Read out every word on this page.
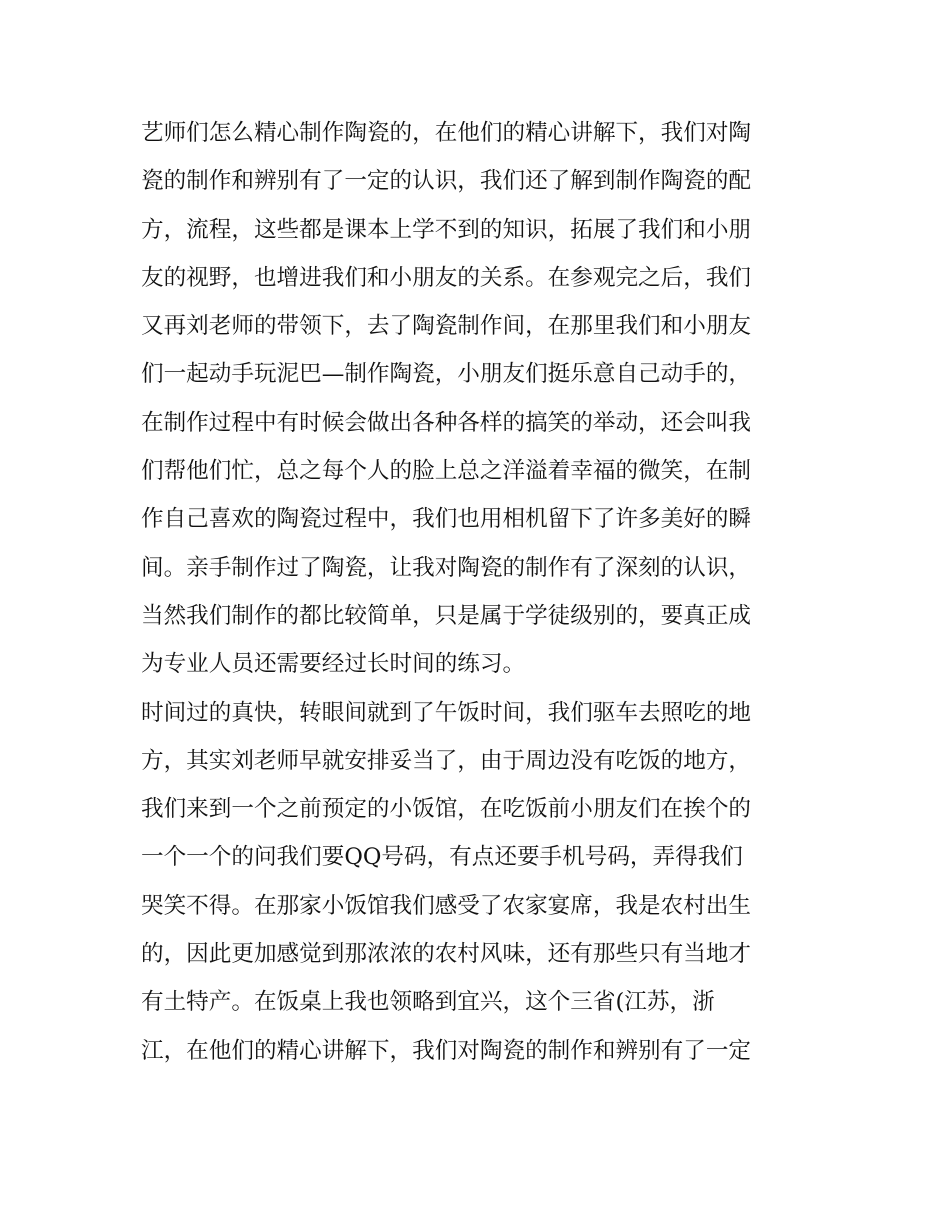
艺师们怎么精心制作陶瓷的，在他们的精心讲解下，我们对陶
瓷的制作和辨别有了一定的认识，我们还了解到制作陶瓷的配
方，流程，这些都是课本上学不到的知识，拓展了我们和小朋
友的视野，也增进我们和小朋友的关系。在参观完之后，我们
又再刘老师的带领下，去了陶瓷制作间，在那里我们和小朋友
们一起动手玩泥巴—制作陶瓷，小朋友们挺乐意自己动手的，
在制作过程中有时候会做出各种各样的搞笑的举动，还会叫我
们帮他们忙，总之每个人的脸上总之洋溢着幸福的微笑，在制
作自己喜欢的陶瓷过程中，我们也用相机留下了许多美好的瞬
间。亲手制作过了陶瓷，让我对陶瓷的制作有了深刻的认识，
当然我们制作的都比较简单，只是属于学徒级别的，要真正成
为专业人员还需要经过长时间的练习。
时间过的真快，转眼间就到了午饭时间，我们驱车去照吃的地
方，其实刘老师早就安排妥当了，由于周边没有吃饭的地方，
我们来到一个之前预定的小饭馆，在吃饭前小朋友们在挨个的
一个一个的问我们要QQ号码，有点还要手机号码，弄得我们
哭笑不得。在那家小饭馆我们感受了农家宴席，我是农村出生
的，因此更加感觉到那浓浓的农村风味，还有那些只有当地才
有土特产。在饭桌上我也领略到宜兴，这个三省(江苏，浙
江，在他们的精心讲解下，我们对陶瓷的制作和辨别有了一定
